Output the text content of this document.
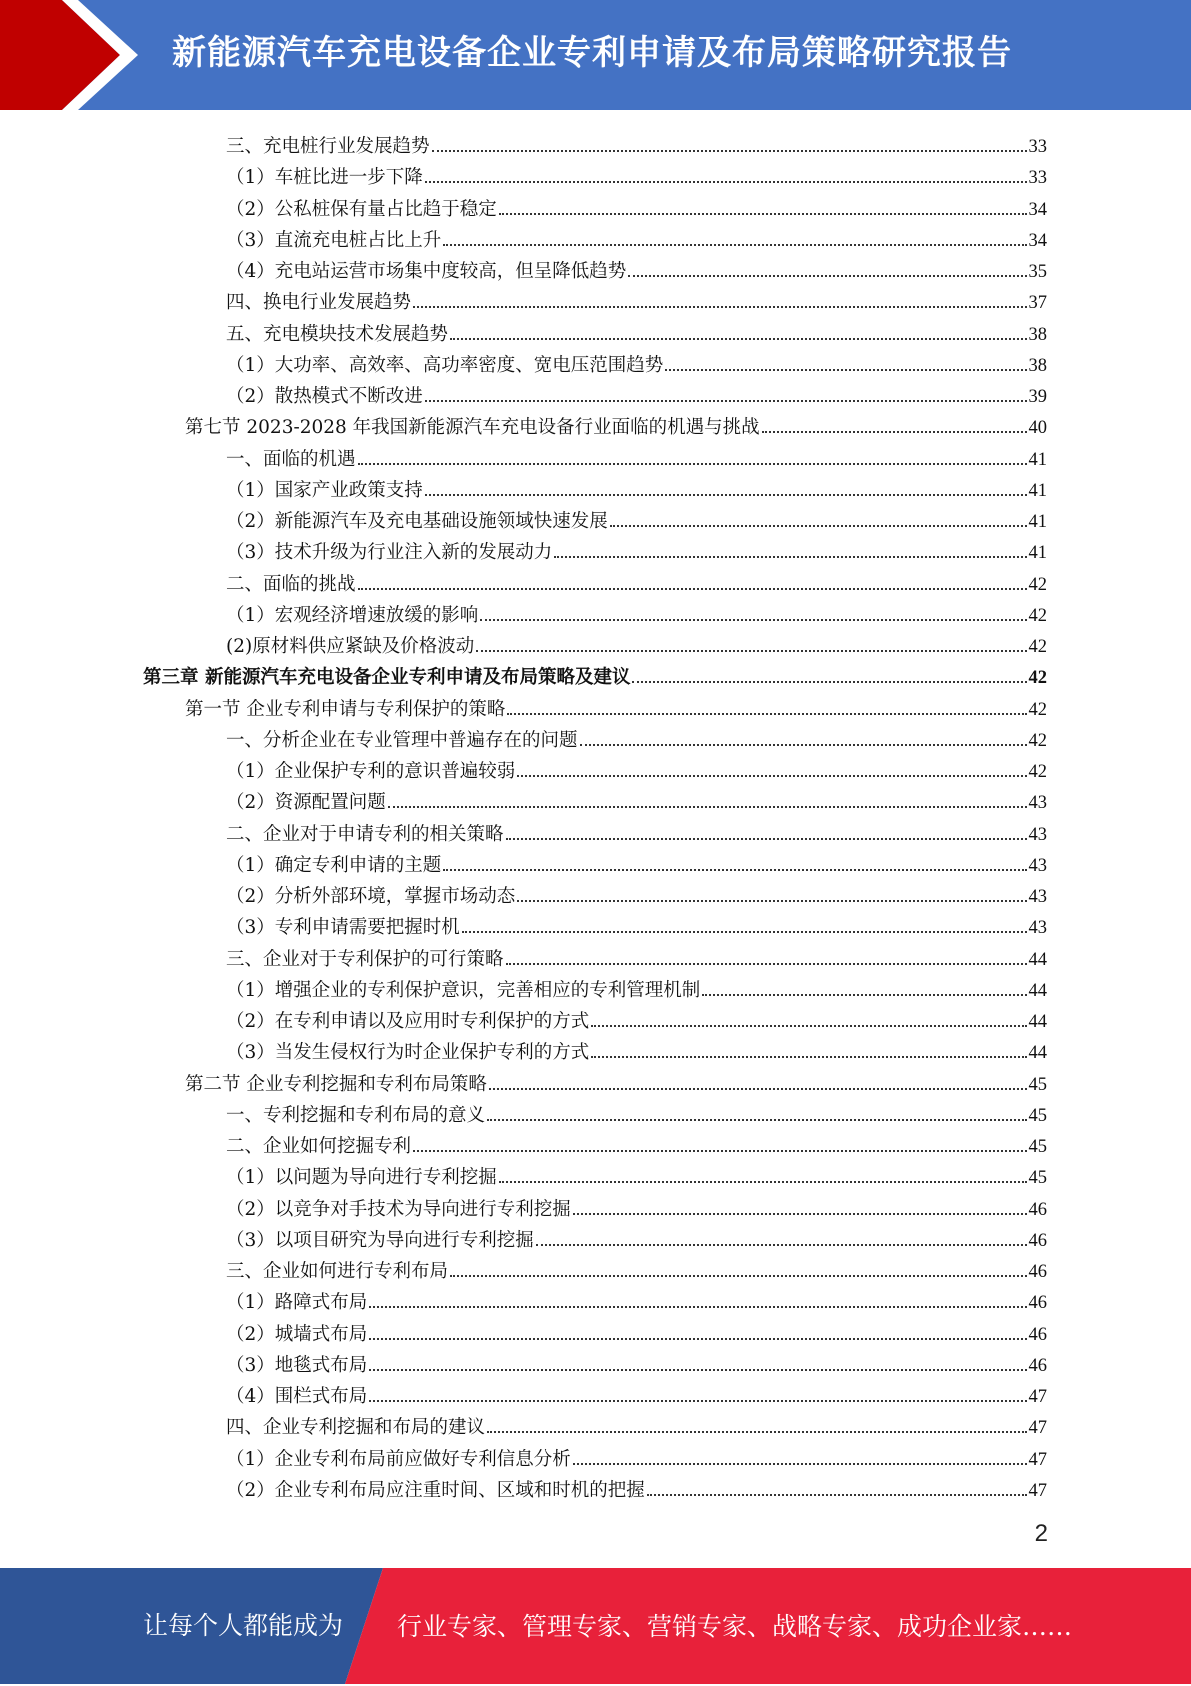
新能源汽车充电设备企业专利申请及布局策略研究报告
三、充电桩行业发展趋势	33
（1）车桩比进一步下降	33
（2）公私桩保有量占比趋于稳定	34
（3）直流充电桩占比上升	34
（4）充电站运营市场集中度较高，但呈降低趋势	35
四、换电行业发展趋势	37
五、充电模块技术发展趋势	38
（1）大功率、高效率、高功率密度、宽电压范围趋势	38
（2）散热模式不断改进	39
第七节 2023-2028 年我国新能源汽车充电设备行业面临的机遇与挑战	40
一、面临的机遇	41
（1）国家产业政策支持	41
（2）新能源汽车及充电基础设施领域快速发展	41
（3）技术升级为行业注入新的发展动力	41
二、面临的挑战	42
（1）宏观经济增速放缓的影响	42
(2)原材料供应紧缺及价格波动	42
第三章 新能源汽车充电设备企业专利申请及布局策略及建议	42
第一节 企业专利申请与专利保护的策略	42
一、分析企业在专业管理中普遍存在的问题	42
（1）企业保护专利的意识普遍较弱	42
（2）资源配置问题	43
二、企业对于申请专利的相关策略	43
（1）确定专利申请的主题	43
（2）分析外部环境，掌握市场动态	43
（3）专利申请需要把握时机	43
三、企业对于专利保护的可行策略	44
（1）增强企业的专利保护意识，完善相应的专利管理机制	44
（2）在专利申请以及应用时专利保护的方式	44
（3）当发生侵权行为时企业保护专利的方式	44
第二节 企业专利挖掘和专利布局策略	45
一、专利挖掘和专利布局的意义	45
二、企业如何挖掘专利	45
（1）以问题为导向进行专利挖掘	45
（2）以竞争对手技术为导向进行专利挖掘	46
（3）以项目研究为导向进行专利挖掘	46
三、企业如何进行专利布局	46
（1）路障式布局	46
（2）城墙式布局	46
（3）地毯式布局	46
（4）围栏式布局	47
四、企业专利挖掘和布局的建议	47
（1）企业专利布局前应做好专利信息分析	47
（2）企业专利布局应注重时间、区域和时机的把握	47
2
让每个人都能成为 行业专家、管理专家、营销专家、战略专家、成功企业家……
